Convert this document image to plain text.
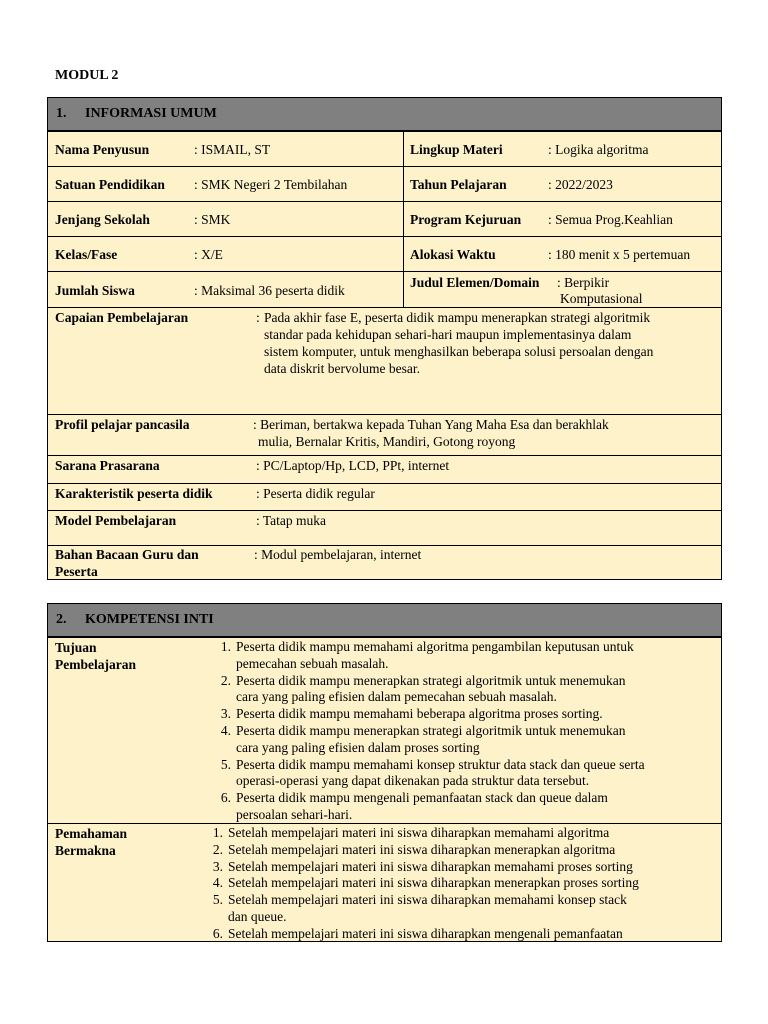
MODUL 2
1. INFORMASI UMUM
Nama Penyusun	: ISMAIL, ST	Lingkup Materi	: Logika algoritma
Satuan Pendidikan : SMK Negeri 2 Tembilahan	Tahun Pelajaran	: 2022/2023
Jenjang Sekolah	: SMK	Program Kejuruan : Semua Prog.Keahlian
Kelas/Fase	: X/E	Alokasi Waktu	: 180 menit x 5 pertemuan
Jumlah Siswa	: Maksimal 36 peserta didik
Judul Elemen/Domain : Berpikir
Komputasional
Capaian Pembelajaran	: Pada akhir fase E, peserta didik mampu menerapkan strategi algoritmik
standar pada kehidupan sehari-hari maupun implementasinya dalam
sistem komputer, untuk menghasilkan beberapa solusi persoalan dengan
data diskrit bervolume besar.
Profil pelajar pancasila	: Beriman, bertakwa kepada Tuhan Yang Maha Esa dan berakhlak
mulia, Bernalar Kritis, Mandiri, Gotong royong
Sarana Prasarana	: PC/Laptop/Hp, LCD, PPt, internet
Karakteristik peserta didik	: Peserta didik regular
Model Pembelajaran	: Tatap muka
Bahan Bacaan Guru dan
Peserta
: Modul pembelajaran, internet
2. KOMPETENSI INTI
Tujuan
Pembelajaran
1. Peserta didik mampu memahami algoritma pengambilan keputusan untuk
pemecahan sebuah masalah.
2. Peserta didik mampu menerapkan strategi algoritmik untuk menemukan
cara yang paling efisien dalam pemecahan sebuah masalah.
3. Peserta didik mampu memahami beberapa algoritma proses sorting.
4. Peserta didik mampu menerapkan strategi algoritmik untuk menemukan
cara yang paling efisien dalam proses sorting
5. Peserta didik mampu memahami konsep struktur data stack dan queue serta
operasi-operasi yang dapat dikenakan pada struktur data tersebut.
6. Peserta didik mampu mengenali pemanfaatan stack dan queue dalam
persoalan sehari-hari.
Pemahaman
Bermakna
1. Setelah mempelajari materi ini siswa diharapkan memahami algoritma
2. Setelah mempelajari materi ini siswa diharapkan menerapkan algoritma
3. Setelah mempelajari materi ini siswa diharapkan memahami proses sorting
4. Setelah mempelajari materi ini siswa diharapkan menerapkan proses sorting
5. Setelah mempelajari materi ini siswa diharapkan memahami konsep stack
dan queue.
6. Setelah mempelajari materi ini siswa diharapkan mengenali pemanfaatan
